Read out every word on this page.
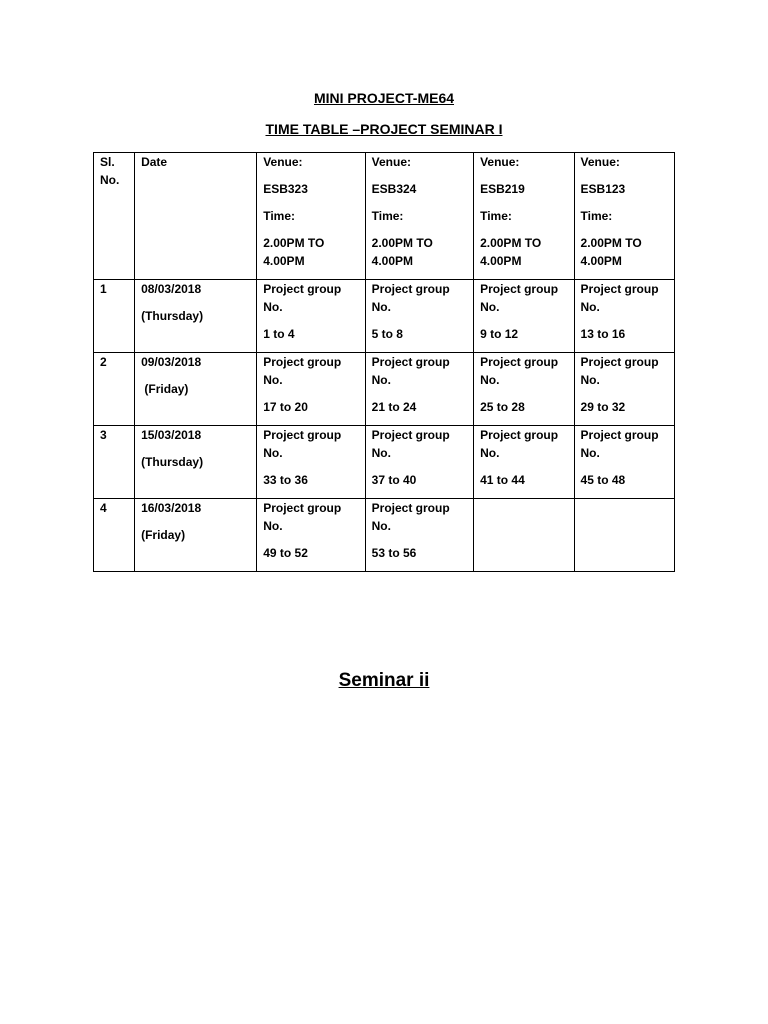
MINI PROJECT-ME64
TIME TABLE –PROJECT SEMINAR I
Sl.
No.	Date	Venue:
ESB323
Time:
2.00PM TO
4.00PM	Venue:
ESB324
Time:
2.00PM TO
4.00PM	Venue:
ESB219
Time:
2.00PM TO
4.00PM	Venue:
ESB123
Time:
2.00PM TO
4.00PM

1	08/03/2018
(Thursday)	Project group
No.
1 to 4	Project group
No.
5 to 8	Project group
No.
9 to 12	Project group
No.
13 to 16

2	09/03/2018
(Friday)	Project group
No.
17 to 20	Project group
No.
21 to 24	Project group
No.
25 to 28	Project group
No.
29 to 32

3	15/03/2018
(Thursday)	Project group
No.
33 to 36	Project group
No.
37 to 40	Project group
No.
41 to 44	Project group
No.
45 to 48

4	16/03/2018
(Friday)	Project group
No.
49 to 52	Project group
No.
53 to 56		

Seminar ii
